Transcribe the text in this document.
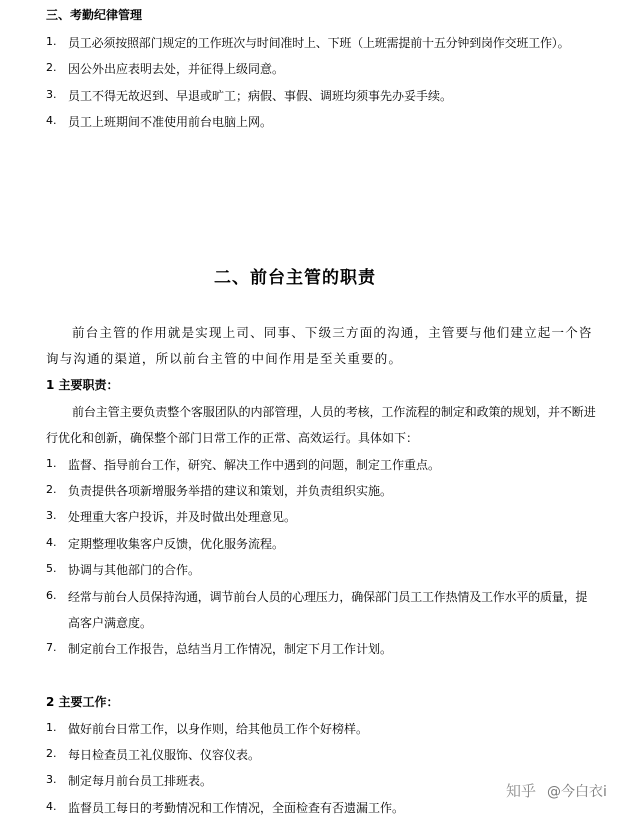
三、考勤纪律管理
1. 员工必须按照部门规定的工作班次与时间准时上、下班（上班需提前十五分钟到岗作交班工作）。
2. 因公外出应表明去处，并征得上级同意。
3. 员工不得无故迟到、早退或旷工；病假、事假、调班均须事先办妥手续。
4. 员工上班期间不准使用前台电脑上网。
二、前台主管的职责
前台主管的作用就是实现上司、同事、下级三方面的沟通，主管要与他们建立起一个咨
询与沟通的渠道，所以前台主管的中间作用是至关重要的。
1 主要职责：
前台主管主要负责整个客服团队的内部管理，人员的考核，工作流程的制定和政策的规划，并不断进
行优化和创新，确保整个部门日常工作的正常、高效运行。具体如下：
1. 监督、指导前台工作，研究、解决工作中遇到的问题，制定工作重点。
2. 负责提供各项新增服务举措的建议和策划，并负责组织实施。
3. 处理重大客户投诉，并及时做出处理意见。
4. 定期整理收集客户反馈，优化服务流程。
5. 协调与其他部门的合作。
6. 经常与前台人员保持沟通，调节前台人员的心理压力，确保部门员工工作热情及工作水平的质量，提
高客户满意度。
7. 制定前台工作报告，总结当月工作情况，制定下月工作计划。
2 主要工作：
1. 做好前台日常工作，以身作则，给其他员工作个好榜样。
2. 每日检查员工礼仪服饰、仪容仪表。
3. 制定每月前台员工排班表。
4. 监督员工每日的考勤情况和工作情况，全面检查有否遗漏工作。
知乎 @今白衣i
